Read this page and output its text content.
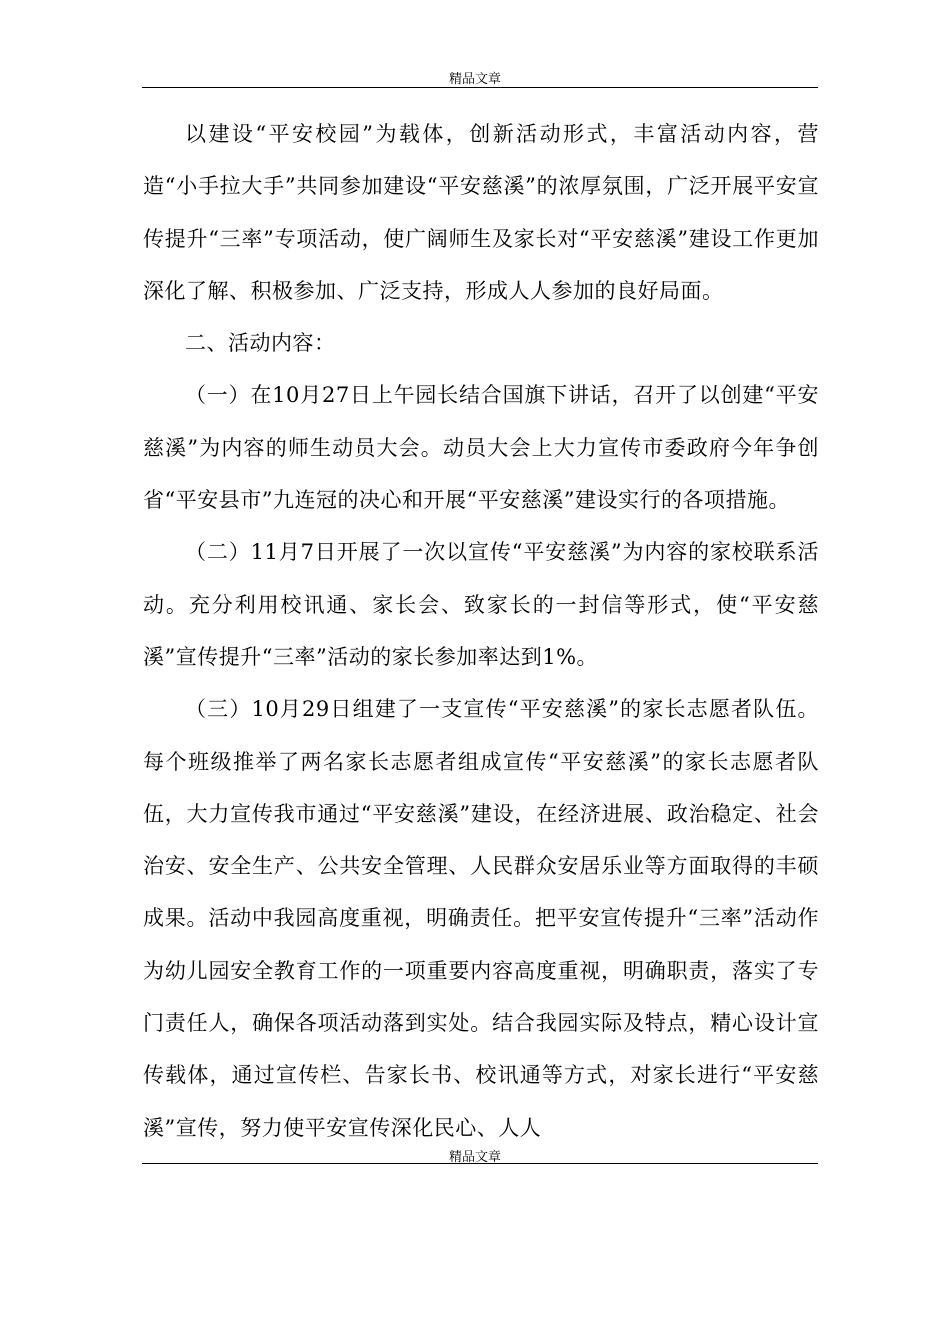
精品文章

以建设“平安校园”为载体，创新活动形式，丰富活动内容，营造“小手拉大手”共同参加建设“平安慈溪”的浓厚氛围，广泛开展平安宣传提升“三率”专项活动，使广阔师生及家长对“平安慈溪”建设工作更加深化了解、积极参加、广泛支持，形成人人参加的良好局面。

二、活动内容：

（一）在10月27日上午园长结合国旗下讲话，召开了以创建“平安慈溪”为内容的师生动员大会。动员大会上大力宣传市委政府今年争创省“平安县市”九连冠的决心和开展“平安慈溪”建设实行的各项措施。

（二）11月7日开展了一次以宣传“平安慈溪”为内容的家校联系活动。充分利用校讯通、家长会、致家长的一封信等形式，使“平安慈溪”宣传提升“三率”活动的家长参加率达到1%。

（三）10月29日组建了一支宣传“平安慈溪”的家长志愿者队伍。每个班级推举了两名家长志愿者组成宣传“平安慈溪”的家长志愿者队伍，大力宣传我市通过“平安慈溪”建设，在经济进展、政治稳定、社会治安、安全生产、公共安全管理、人民群众安居乐业等方面取得的丰硕成果。活动中我园高度重视，明确责任。把平安宣传提升“三率”活动作为幼儿园安全教育工作的一项重要内容高度重视，明确职责，落实了专门责任人，确保各项活动落到实处。结合我园实际及特点，精心设计宣传载体，通过宣传栏、告家长书、校讯通等方式，对家长进行“平安慈溪”宣传，努力使平安宣传深化民心、人人

精品文章
